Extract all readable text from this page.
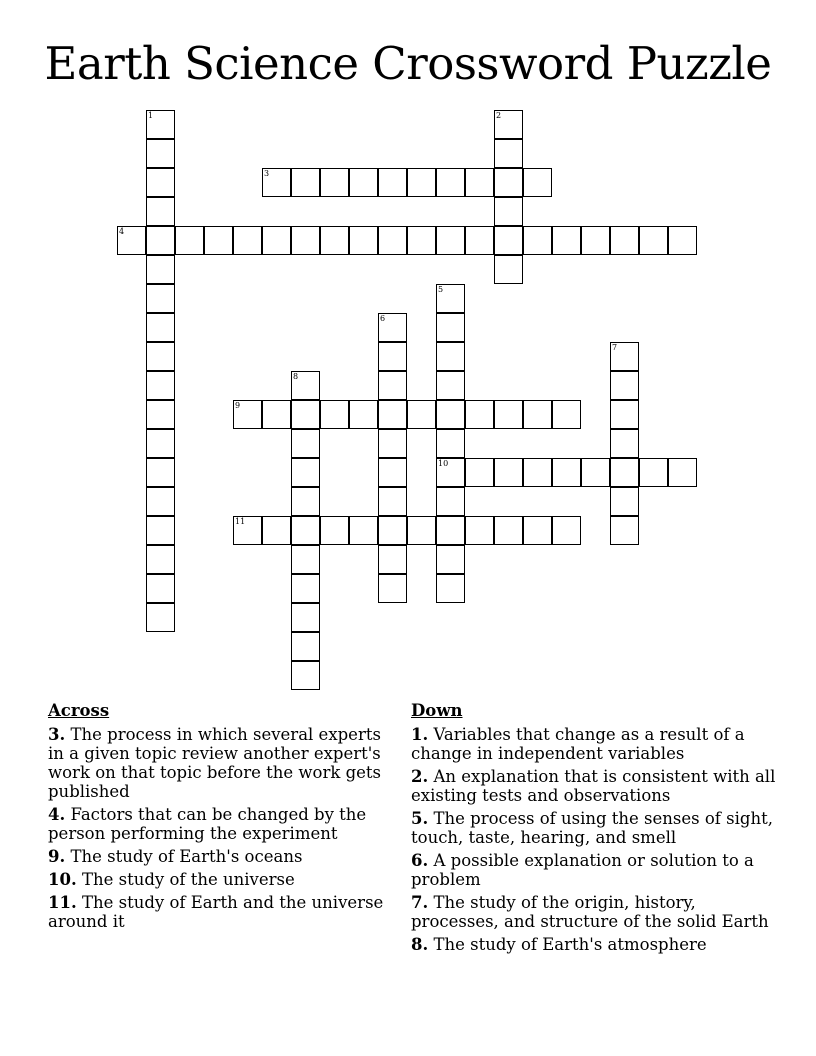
Earth Science Crossword Puzzle
1	2
3
4
5
10
6
7
8
9
11
Across
3. The process in which several experts in a given topic review another expert's work on that topic before the work gets published
4. Factors that can be changed by the person performing the experiment
9. The study of Earth's oceans
10. The study of the universe
11. The study of Earth and the universe around it
Down
1. Variables that change as a result of a change in independent variables
2. An explanation that is consistent with all existing tests and observations
5. The process of using the senses of sight, touch, taste, hearing, and smell
6. A possible explanation or solution to a problem
7. The study of the origin, history, processes, and structure of the solid Earth
8. The study of Earth's atmosphere
